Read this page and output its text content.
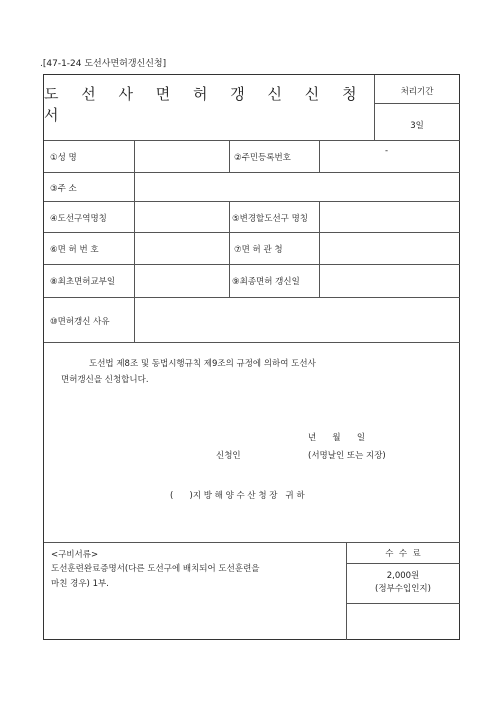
.[47-1-24 도선사면허갱신신청]
도 선 사 면 허 갱 신 신 청 서
처리기간
3일
①성 명	②주민등록번호
-
③주 소
④도선구역명칭	⑤변경할도선구 명칭
⑥면 허 번 호	⑦면 허 관 청
⑧최초면허교부일	⑨최종면허 갱신일
⑩면허갱신 사유
도선법 제8조 및 동법시행규칙 제9조의 규정에 의하여 도선사
면허갱신을 신청합니다.
년      월      일
신청인	(서명날인 또는 지장)
(      )지 방 해 양 수 산 청 장   귀 하
<구비서류>
도선훈련완료증명서(다른 도선구에 배치되어 도선훈련을
마친 경우) 1부.
수  수  료
2,000원
(정부수입인지)
